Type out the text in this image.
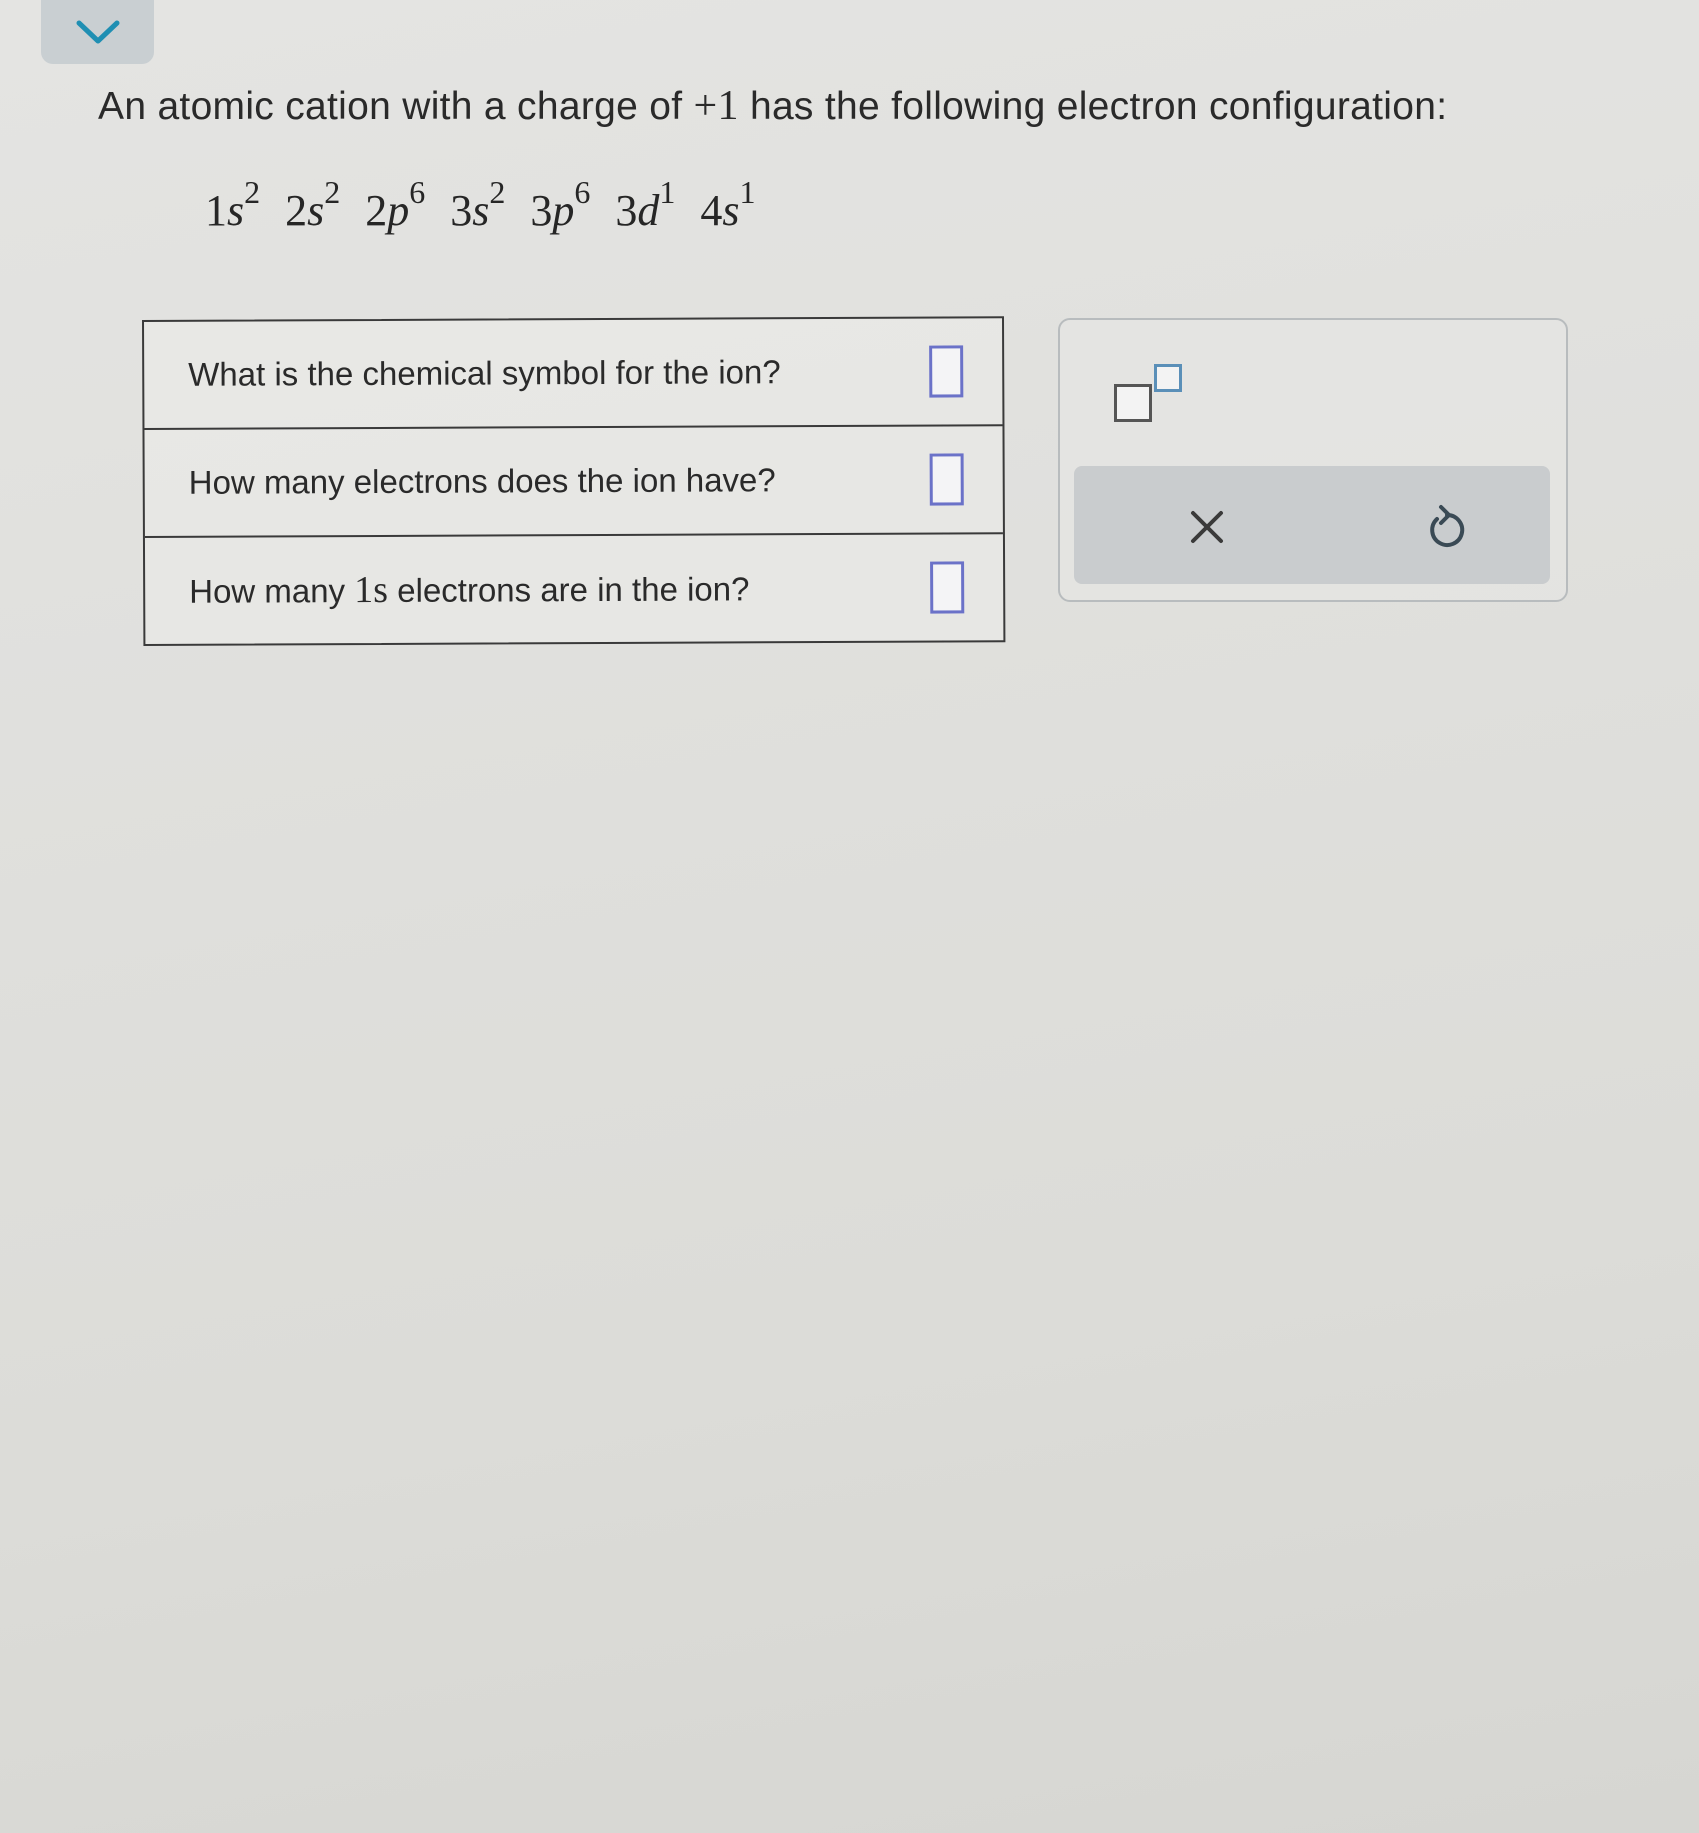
An atomic cation with a charge of +1 has the following electron configuration:
$1s^2$ $2s^2$ $2p^6$ $3s^2$ $3p^6$ $3d^1$ $4s^1$
What is the chemical symbol for the ion?
How many electrons does the ion have?
How many 1s electrons are in the ion?
